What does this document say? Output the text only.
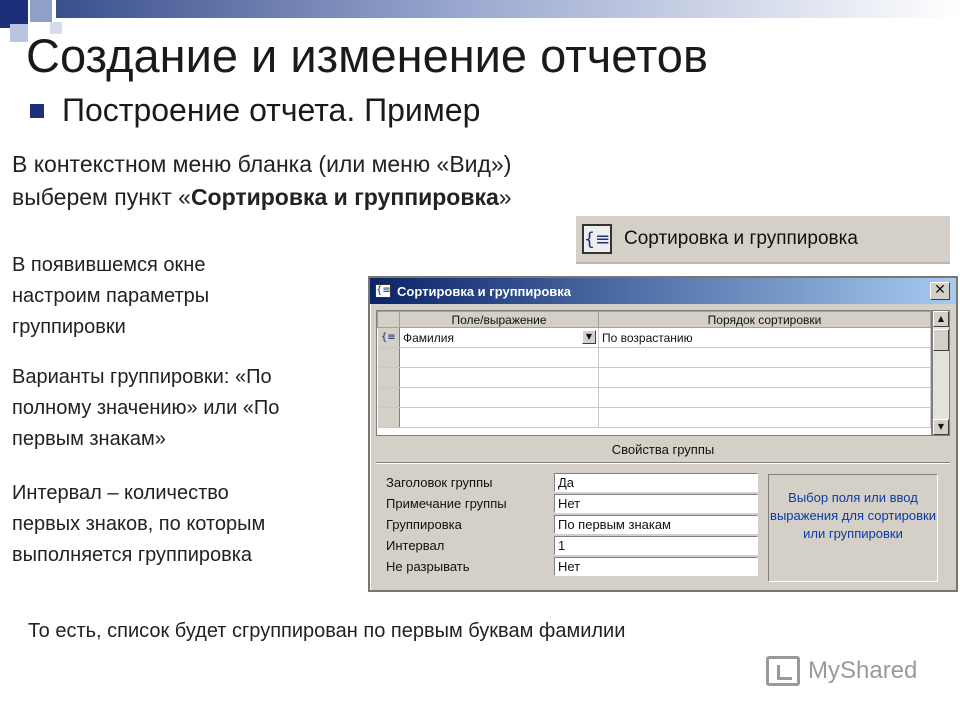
Создание и изменение отчетов
Построение отчета. Пример
В контекстном меню бланка (или меню «Вид»)
выберем пункт «Сортировка и группировка»
В появившемся окне
настроим параметры
группировки
Варианты группировки: «По
полному значению» или «По
первым знакам»
Интервал – количество
первых знаков, по которым
выполняется группировка
{≡ Сортировка и группировка
{≡ Сортировка и группировка	✕
	Поле/выражение	Порядок сортировки
{≡	Фамилия ▼	По возрастанию

▲
▼
Свойства группы
Заголовок группы	Да
Примечание группы	Нет
Группировка	По первым знакам
Интервал	1
Не разрывать	Нет
Выбор поля или ввод выражения для сортировки или группировки
То есть, список будет сгруппирован по первым буквам фамилии
MyShared
